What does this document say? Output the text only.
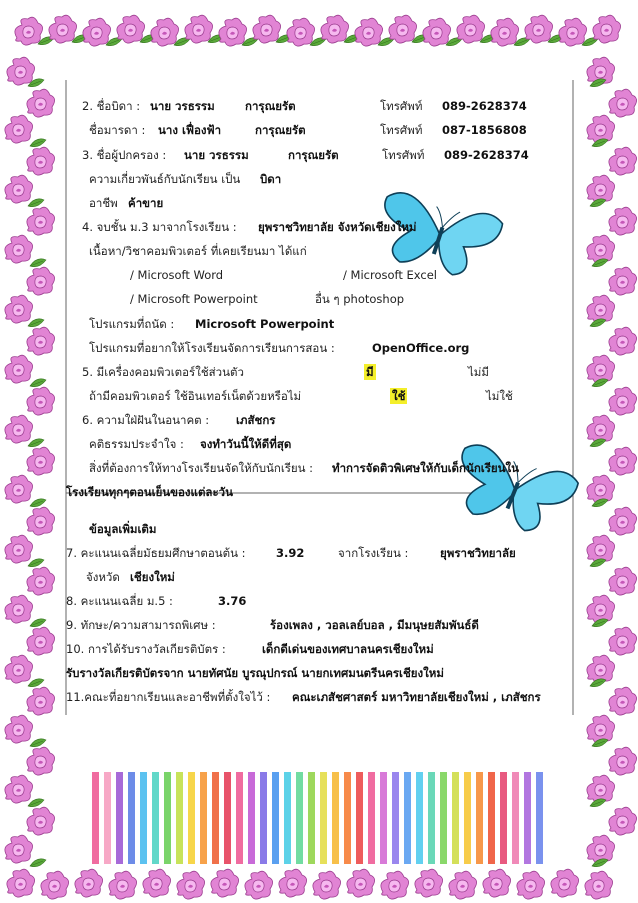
2. ชื่อบิดา : นาย วรธรรม	การุณยรัต	โทรศัพท์ 089-2628374
ชื่อมารดา : นาง เฟื่องฟ้า	การุณยรัต	โทรศัพท์ 087-1856808
3. ชื่อผู้ปกครอง : นาย วรธรรม	การุณยรัต	โทรศัพท์ 089-2628374
ความเกี่ยวพันธ์กับนักเรียน เป็น บิดา
อาชีพ ค้าขาย
4. จบชั้น ม.3 มาจากโรงเรียน : ยุพราชวิทยาลัย จังหวัดเชียงใหม่
เนื้อหา/วิชาคอมพิวเตอร์ ที่เคยเรียนมา ได้แก่
/ Microsoft Word	/ Microsoft Excel
/ Microsoft Powerpoint	อื่น ๆ photoshop
โปรแกรมที่ถนัด : Microsoft Powerpoint
โปรแกรมที่อยากให้โรงเรียนจัดการเรียนการสอน :	OpenOffice.org
5. มีเครื่องคอมพิวเตอร์ใช้ส่วนตัว	มี	ไม่มี
ถ้ามีคอมพิวเตอร์ ใช้อินเทอร์เน็ตด้วยหรือไม่	ใช้	ไม่ใช้
6. ความใฝ่ฝันในอนาคต : เภสัชกร
คติธรรมประจำใจ : จงทำวันนี้ให้ดีที่สุด
สิ่งที่ต้องการให้ทางโรงเรียนจัดให้กับนักเรียน : ทำการจัดติวพิเศษให้กับเด็กนักเรียนใน
โรงเรียนทุกๆตอนเย็นของแต่ละวัน
ข้อมูลเพิ่มเติม
7. คะแนนเฉลี่ยมัธยมศึกษาตอนต้น :	3.92	จากโรงเรียน :	ยุพราชวิทยาลัย
จังหวัด เชียงใหม่
8. คะแนนเฉลี่ย ม.5 :	3.76
9. ทักษะ/ความสามารถพิเศษ :	ร้องเพลง , วอลเลย์บอล , มีมนุษยสัมพันธ์ดี
10. การได้รับรางวัลเกียรติบัตร :	เด็กดีเด่นของเทศบาลนครเชียงใหม่
รับรางวัลเกียรติบัตรจาก นายทัศนัย บูรณุปกรณ์ นายกเทศมนตรีนครเชียงใหม่
11.คณะที่อยากเรียนและอาชีพที่ตั้งใจไว้ : คณะเภสัชศาสตร์ มหาวิทยาลัยเชียงใหม่ , เภสัชกร
